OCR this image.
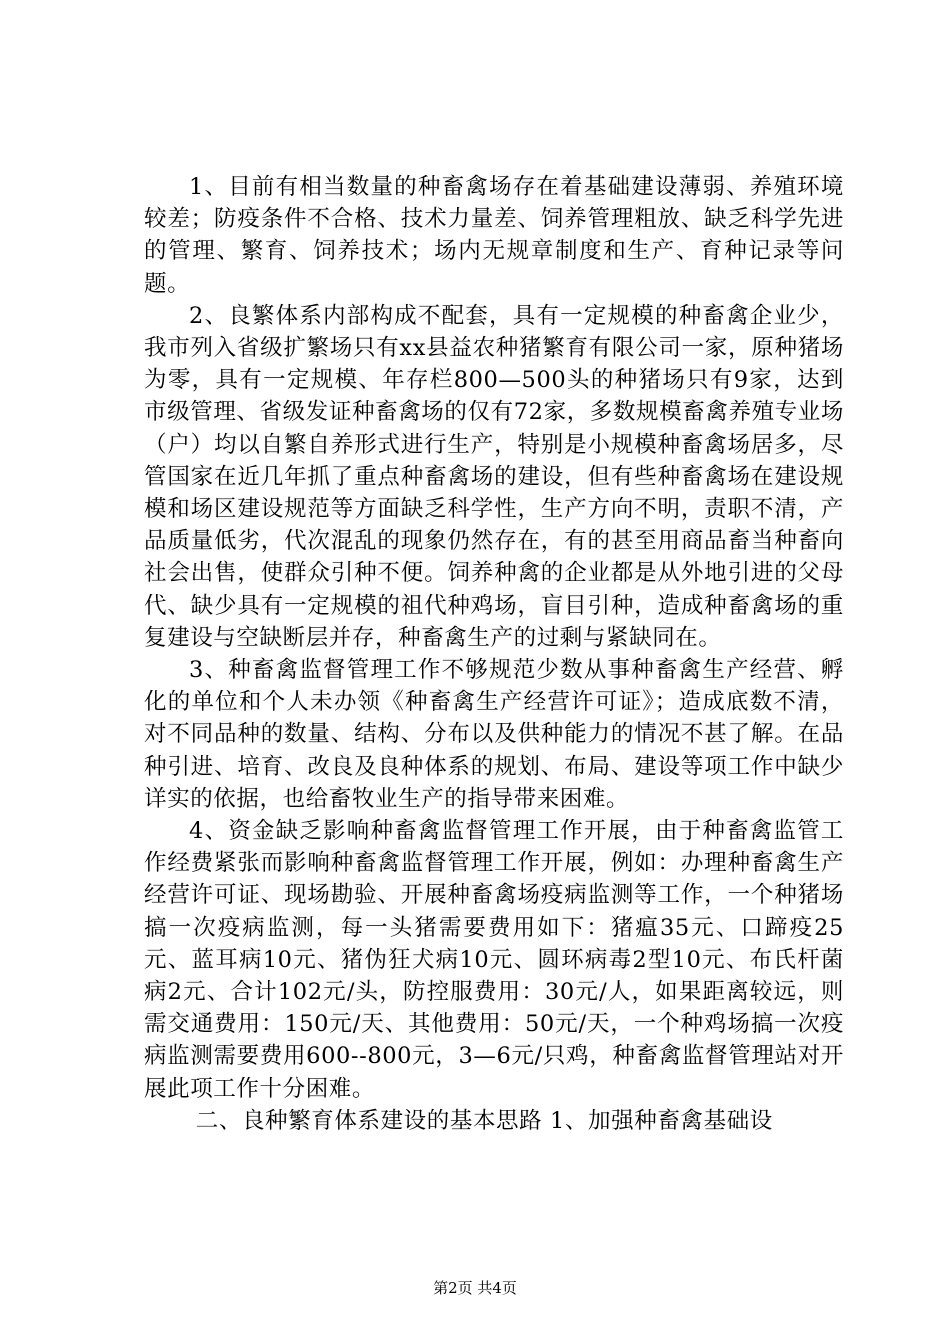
1、目前有相当数量的种畜禽场存在着基础建设薄弱、养殖环境较差；防疫条件不合格、技术力量差、饲养管理粗放、缺乏科学先进的管理、繁育、饲养技术；场内无规章制度和生产、育种记录等问题。

2、良繁体系内部构成不配套，具有一定规模的种畜禽企业少，我市列入省级扩繁场只有xx县益农种猪繁育有限公司一家，原种猪场为零，具有一定规模、年存栏800—500头的种猪场只有9家，达到市级管理、省级发证种畜禽场的仅有72家，多数规模畜禽养殖专业场（户）均以自繁自养形式进行生产，特别是小规模种畜禽场居多，尽管国家在近几年抓了重点种畜禽场的建设，但有些种畜禽场在建设规模和场区建设规范等方面缺乏科学性，生产方向不明，责职不清，产品质量低劣，代次混乱的现象仍然存在，有的甚至用商品畜当种畜向社会出售，使群众引种不便。饲养种禽的企业都是从外地引进的父母代、缺少具有一定规模的祖代种鸡场，盲目引种，造成种畜禽场的重复建设与空缺断层并存，种畜禽生产的过剩与紧缺同在。

3、种畜禽监督管理工作不够规范少数从事种畜禽生产经营、孵化的单位和个人未办领《种畜禽生产经营许可证》；造成底数不清，对不同品种的数量、结构、分布以及供种能力的情况不甚了解。在品种引进、培育、改良及良种体系的规划、布局、建设等项工作中缺少详实的依据，也给畜牧业生产的指导带来困难。

4、资金缺乏影响种畜禽监督管理工作开展，由于种畜禽监管工作经费紧张而影响种畜禽监督管理工作开展，例如：办理种畜禽生产经营许可证、现场勘验、开展种畜禽场疫病监测等工作，一个种猪场搞一次疫病监测，每一头猪需要费用如下：猪瘟35元、口蹄疫25元、蓝耳病10元、猪伪狂犬病10元、圆环病毒2型10元、布氏杆菌病2元、合计102元/头，防控服费用：30元/人，如果距离较远，则需交通费用：150元/天、其他费用：50元/天，一个种鸡场搞一次疫病监测需要费用600--800元，3—6元/只鸡，种畜禽监督管理站对开展此项工作十分困难。

二、良种繁育体系建设的基本思路 1、加强种畜禽基础设

第2页 共4页
